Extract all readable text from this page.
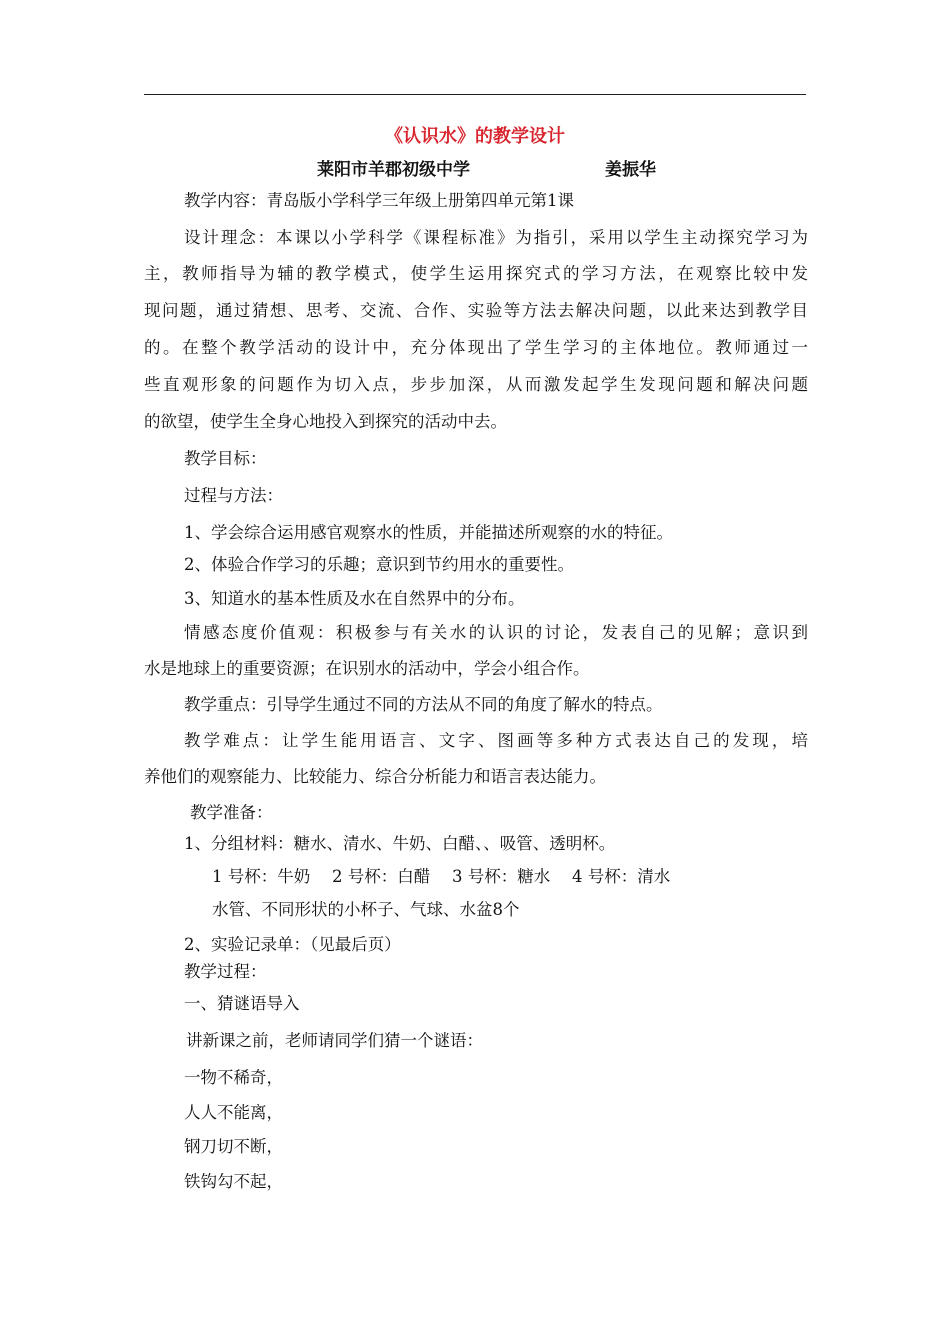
《认识水》的教学设计
莱阳市羊郡初级中学	姜振华
教学内容：青岛版小学科学三年级上册第四单元第1课
设计理念：本课以小学科学《课程标准》为指引，采用以学生主动探究学习为
主，教师指导为辅的教学模式，使学生运用探究式的学习方法，在观察比较中发
现问题，通过猜想、思考、交流、合作、实验等方法去解决问题，以此来达到教学目
的。在整个教学活动的设计中，充分体现出了学生学习的主体地位。教师通过一
些直观形象的问题作为切入点，步步加深，从而激发起学生发现问题和解决问题
的欲望，使学生全身心地投入到探究的活动中去。
教学目标：
过程与方法：
1、学会综合运用感官观察水的性质，并能描述所观察的水的特征。
2、体验合作学习的乐趣；意识到节约用水的重要性。
3、知道水的基本性质及水在自然界中的分布。
情感态度价值观：积极参与有关水的认识的讨论，发表自己的见解；意识到
水是地球上的重要资源；在识别水的活动中，学会小组合作。
教学重点：引导学生通过不同的方法从不同的角度了解水的特点。
教学难点：让学生能用语言、文字、图画等多种方式表达自己的发现，培
养他们的观察能力、比较能力、综合分析能力和语言表达能力。
教学准备：
1、分组材料：糖水、清水、牛奶、白醋、、吸管、透明杯。
1 号杯：牛奶　 2 号杯：白醋　 3 号杯：糖水　 4 号杯：清水
水管、不同形状的小杯子、气球、水盆8个
2、实验记录单：（见最后页）
教学过程：
一、猜谜语导入
讲新课之前，老师请同学们猜一个谜语：
一物不稀奇，
人人不能离，
钢刀切不断，
铁钩勾不起，
